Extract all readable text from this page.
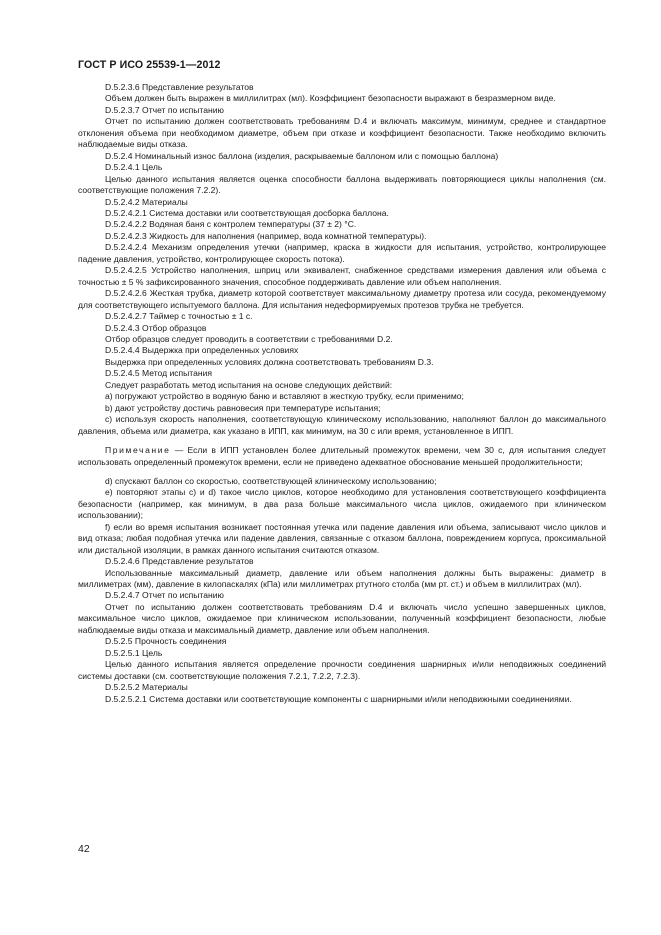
ГОСТ Р ИСО 25539-1—2012

D.5.2.3.6 Представление результатов

Объем должен быть выражен в миллилитрах (мл). Коэффициент безопасности выражают в безразмерном виде.

D.5.2.3.7 Отчет по испытанию

Отчет по испытанию должен соответствовать требованиям D.4 и включать максимум, минимум, среднее и стандартное отклонения объема при необходимом диаметре, объем при отказе и коэффициент безопасности. Также необходимо включить наблюдаемые виды отказа.

D.5.2.4 Номинальный износ баллона (изделия, раскрываемые баллоном или с помощью баллона)

D.5.2.4.1 Цель

Целью данного испытания является оценка способности баллона выдерживать повторяющиеся циклы наполнения (см. соответствующие положения 7.2.2).

D.5.2.4.2 Материалы

D.5.2.4.2.1 Система доставки или соответствующая досборка баллона.

D.5.2.4.2.2 Водяная баня с контролем температуры (37 ± 2) °С.

D.5.2.4.2.3 Жидкость для наполнения (например, вода комнатной температуры).

D.5.2.4.2.4 Механизм определения утечки (например, краска в жидкости для испытания, устройство, контролирующее падение давления, устройство, контролирующее скорость потока).

D.5.2.4.2.5 Устройство наполнения, шприц или эквивалент, снабженное средствами измерения давления или объема с точностью ± 5 % зафиксированного значения, способное поддерживать давление или объем наполнения.

D.5.2.4.2.6 Жесткая трубка, диаметр которой соответствует максимальному диаметру протеза или сосуда, рекомендуемому для соответствующего испытуемого баллона. Для испытания недеформируемых протезов трубка не требуется.

D.5.2.4.2.7 Таймер с точностью ± 1 с.

D.5.2.4.3 Отбор образцов

Отбор образцов следует проводить в соответствии с требованиями D.2.

D.5.2.4.4 Выдержка при определенных условиях

Выдержка при определенных условиях должна соответствовать требованиям D.3.

D.5.2.4.5 Метод испытания

Следует разработать метод испытания на основе следующих действий:

a) погружают устройство в водяную баню и вставляют в жесткую трубку, если применимо;

b) дают устройству достичь равновесия при температуре испытания;

c) используя скорость наполнения, соответствующую клиническому использованию, наполняют баллон до максимального давления, объема или диаметра, как указано в ИПП, как минимум, на 30 с или время, установленное в ИПП.

Примечание — Если в ИПП установлен более длительный промежуток времени, чем 30 с, для испытания следует использовать определенный промежуток времени, если не приведено адекватное обоснование меньшей продолжительности;

d) спускают баллон со скоростью, соответствующей клиническому использованию;

e) повторяют этапы c) и d) такое число циклов, которое необходимо для установления соответствующего коэффициента безопасности (например, как минимум, в два раза больше максимального числа циклов, ожидаемого при клиническом использовании);

f) если во время испытания возникает постоянная утечка или падение давления или объема, записывают число циклов и вид отказа; любая подобная утечка или падение давления, связанные с отказом баллона, повреждением корпуса, проксимальной или дистальной изоляции, в рамках данного испытания считаются отказом.

D.5.2.4.6 Представление результатов

Использованные максимальный диаметр, давление или объем наполнения должны быть выражены: диаметр в миллиметрах (мм), давление в килопаскалях (кПа) или миллиметрах ртутного столба (мм рт. ст.) и объем в миллилитрах (мл).

D.5.2.4.7 Отчет по испытанию

Отчет по испытанию должен соответствовать требованиям D.4 и включать число успешно завершенных циклов, максимальное число циклов, ожидаемое при клиническом использовании, полученный коэффициент безопасности, любые наблюдаемые виды отказа и максимальный диаметр, давление или объем наполнения.

D.5.2.5 Прочность соединения

D.5.2.5.1 Цель

Целью данного испытания является определение прочности соединения шарнирных и/или неподвижных соединений системы доставки (см. соответствующие положения 7.2.1, 7.2.2, 7.2.3).

D.5.2.5.2 Материалы

D.5.2.5.2.1 Система доставки или соответствующие компоненты с шарнирными и/или неподвижными соединениями.

42
